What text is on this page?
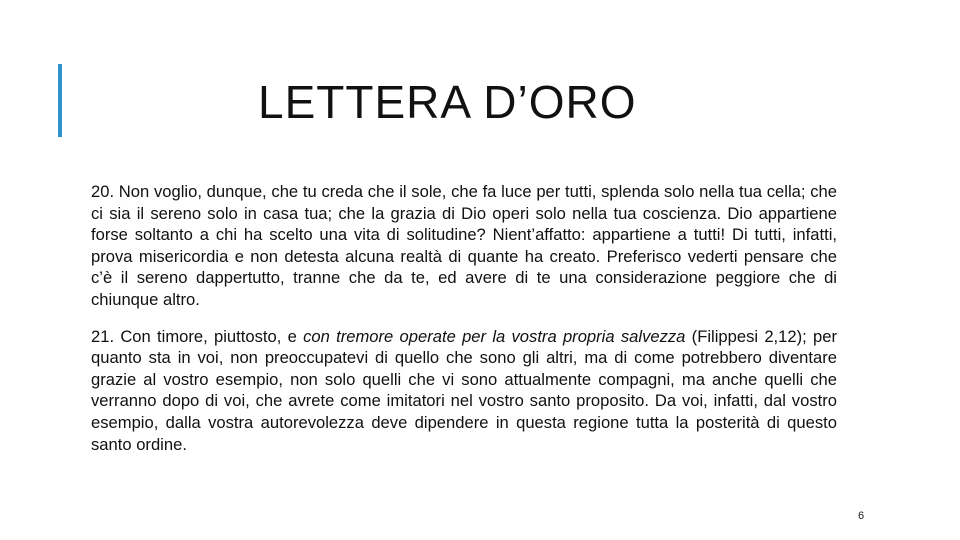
LETTERA D’ORO

20. Non voglio, dunque, che tu creda che il sole, che fa luce per tutti, splenda solo nella tua cella; che ci sia il sereno solo in casa tua; che la grazia di Dio operi solo nella tua coscienza. Dio appartiene forse soltanto a chi ha scelto una vita di solitudine? Nient’affatto: appartiene a tutti! Di tutti, infatti, prova misericordia e non detesta alcuna realtà di quante ha creato. Preferisco vederti pensare che c’è il sereno dappertutto, tranne che da te, ed avere di te una considerazione peggiore che di chiunque altro.

21. Con timore, piuttosto, e con tremore operate per la vostra propria salvezza (Filippesi 2,12); per quanto sta in voi, non preoccupatevi di quello che sono gli altri, ma di come potrebbero diventare grazie al vostro esempio, non solo quelli che vi sono attualmente compagni, ma anche quelli che verranno dopo di voi, che avrete come imitatori nel vostro santo proposito. Da voi, infatti, dal vostro esempio, dalla vostra autorevolezza deve dipendere in questa regione tutta la posterità di questo santo ordine.

6
